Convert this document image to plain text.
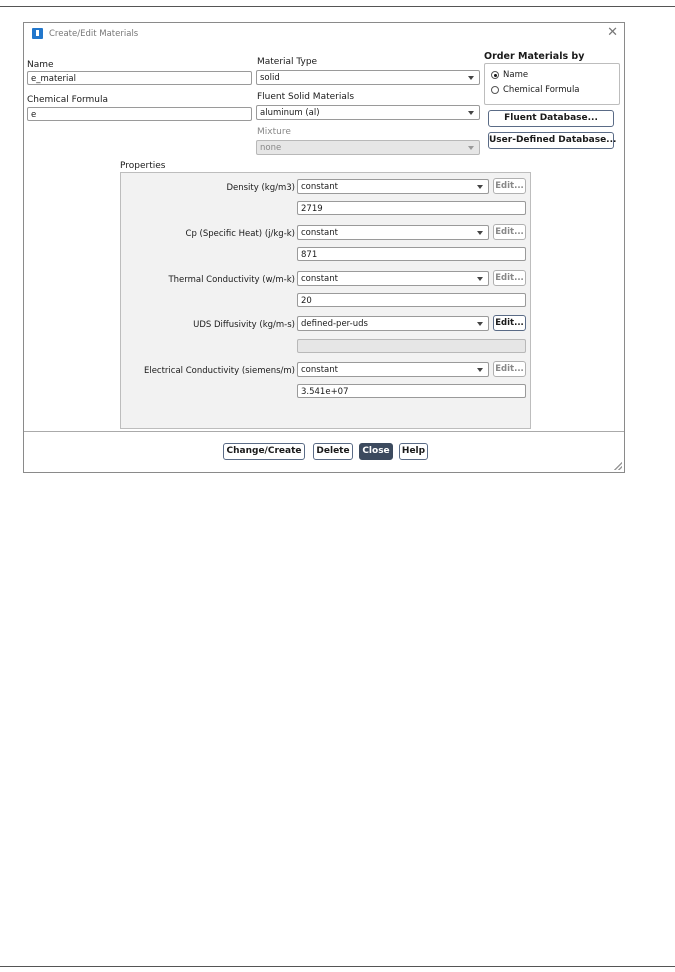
Create/Edit Materials	✕
Name
e_material
Chemical Formula
e
Material Type
solid
Fluent Solid Materials
aluminum (al)
Mixture
none
Order Materials by
Name
Chemical Formula
Fluent Database...
User-Defined Database...
Properties
Density (kg/m3) constant	Edit...
2719
Cp (Specific Heat) (j/kg-k) constant	Edit...
871
Thermal Conductivity (w/m-k) constant	Edit...
20
UDS Diffusivity (kg/m-s) defined-per-uds	Edit...
Electrical Conductivity (siemens/m) constant	Edit...
3.541e+07
Change/Create	Delete	Close	Help
